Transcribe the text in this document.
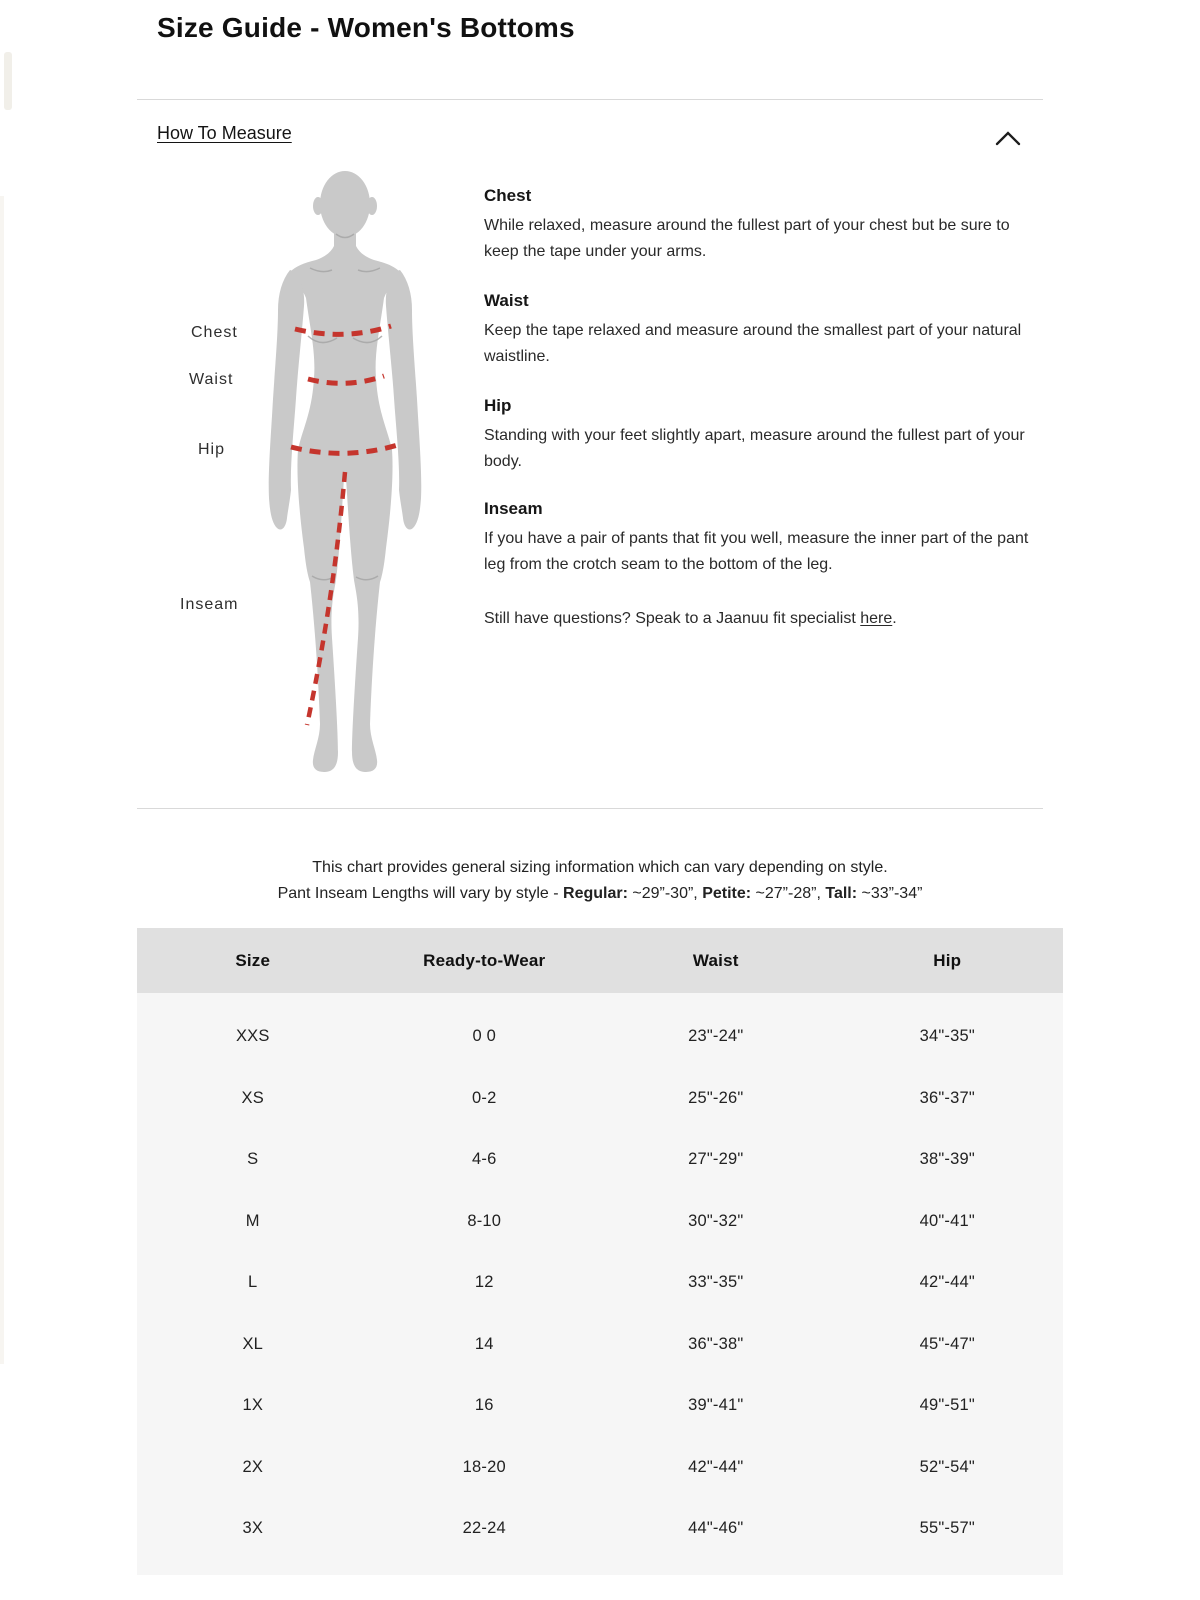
Size Guide - Women's Bottoms
How To Measure
Chest
Waist
Hip
Inseam
Chest

While relaxed, measure around the fullest part of your chest but be sure to keep the tape under your arms.

Waist

Keep the tape relaxed and measure around the smallest part of your natural waistline.

Hip

Standing with your feet slightly apart, measure around the fullest part of your body.

Inseam

If you have a pair of pants that fit you well, measure the inner part of the pant leg from the crotch seam to the bottom of the leg.

Still have questions? Speak to a Jaanuu fit specialist here.
This chart provides general sizing information which can vary depending on style.
Pant Inseam Lengths will vary by style - Regular: ~29”-30”, Petite: ~27”-28”, Tall: ~33”-34”
Size	Ready-to-Wear	Waist	Hip
XXS	0 0	23"-24"	34"-35"
XS	0-2	25"-26"	36"-37"
S	4-6	27"-29"	38"-39"
M	8-10	30"-32"	40"-41"
L	12	33"-35"	42"-44"
XL	14	36"-38"	45"-47"
1X	16	39"-41"	49"-51"
2X	18-20	42"-44"	52"-54"
3X	22-24	44"-46"	55"-57"
